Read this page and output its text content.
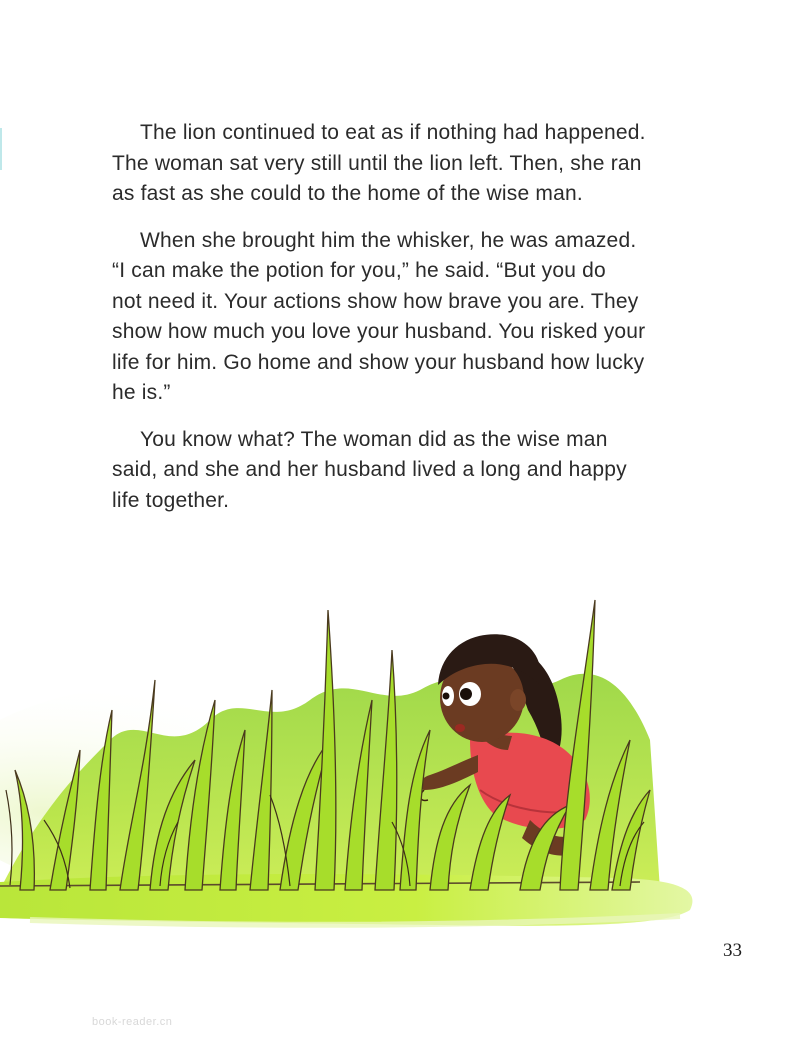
The lion continued to eat as if nothing had happened.
The woman sat very still until the lion left. Then, she ran
as fast as she could to the home of the wise man.

When she brought him the whisker, he was amazed.
“I can make the potion for you,” he said. “But you do
not need it. Your actions show how brave you are. They
show how much you love your husband. You risked your
life for him. Go home and show your husband how lucky
he is.”

You know what? The woman did as the wise man
said, and she and her husband lived a long and happy
life together.

33
book-reader.cn
